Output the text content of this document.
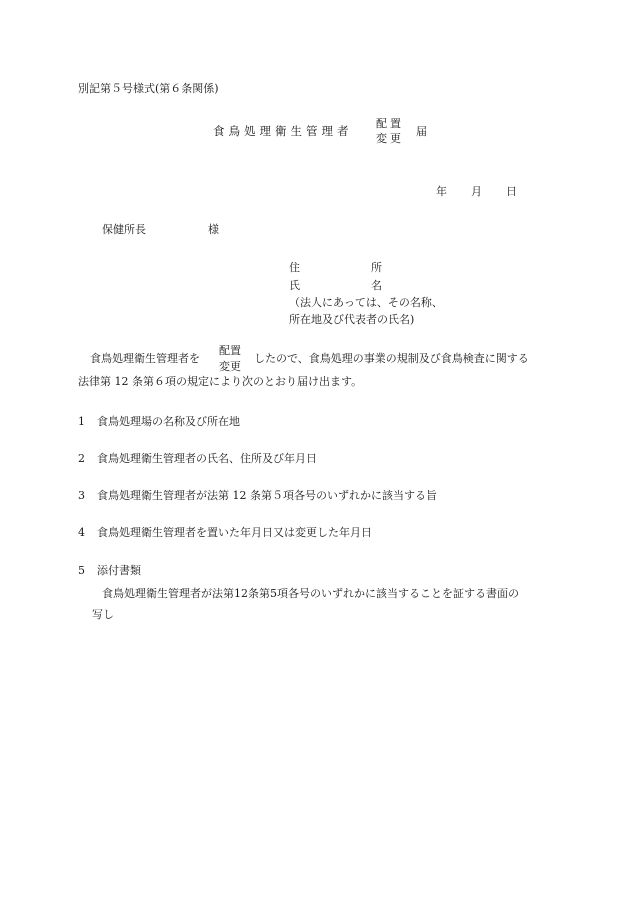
別記第５号様式(第６条関係)
食鳥処理衛生管理者
配置
変更
届
年 月 日
保健所長	様
住	所
氏	名
（法人にあっては、その名称、
所在地及び代表者の氏名)
食鳥処理衛生管理者を
配置
変更
したので、食鳥処理の事業の規制及び食鳥検査に関する
法律第 12 条第６項の規定により次のとおり届け出ます。
1 食鳥処理場の名称及び所在地
2 食鳥処理衛生管理者の氏名、住所及び年月日
3 食鳥処理衛生管理者が法第 12 条第５項各号のいずれかに該当する旨
4 食鳥処理衛生管理者を置いた年月日又は変更した年月日
5 添付書類
食鳥処理衛生管理者が法第12条第5項各号のいずれかに該当することを証する書面の
写し
